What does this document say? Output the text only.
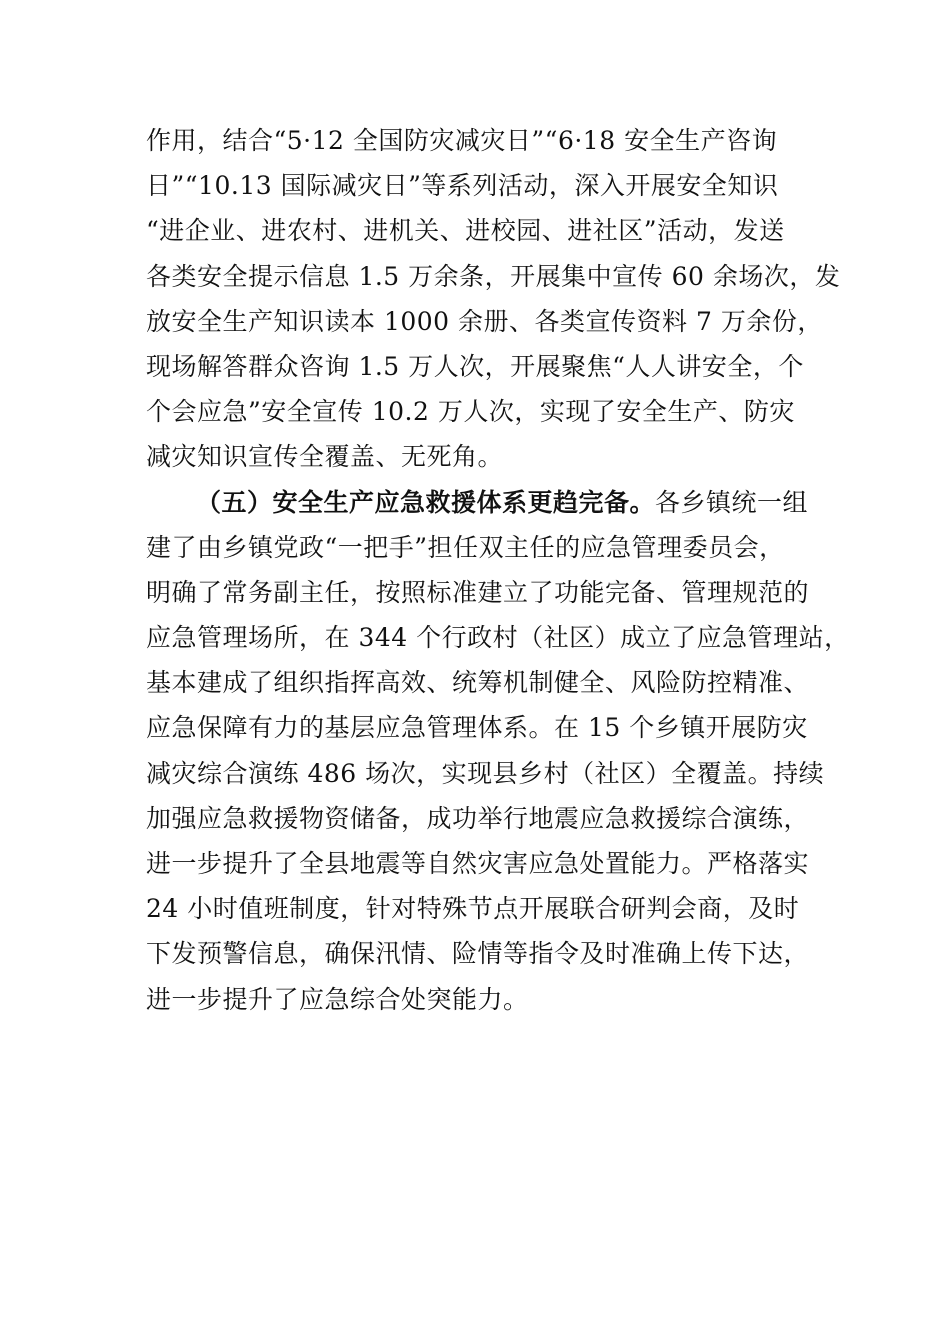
作用，结合“5·12 全国防灾减灾日”“6·18 安全生产咨询
日”“10.13 国际减灾日”等系列活动，深入开展安全知识
“进企业、进农村、进机关、进校园、进社区”活动，发送
各类安全提示信息 1.5 万余条，开展集中宣传 60 余场次，发
放安全生产知识读本 1000 余册、各类宣传资料 7 万余份，
现场解答群众咨询 1.5 万人次，开展聚焦“人人讲安全，个
个会应急”安全宣传 10.2 万人次，实现了安全生产、防灾
减灾知识宣传全覆盖、无死角。
（五）安全生产应急救援体系更趋完备。各乡镇统一组
建了由乡镇党政“一把手”担任双主任的应急管理委员会，
明确了常务副主任，按照标准建立了功能完备、管理规范的
应急管理场所，在 344 个行政村（社区）成立了应急管理站，
基本建成了组织指挥高效、统筹机制健全、风险防控精准、
应急保障有力的基层应急管理体系。在 15 个乡镇开展防灾
减灾综合演练 486 场次，实现县乡村（社区）全覆盖。持续
加强应急救援物资储备，成功举行地震应急救援综合演练，
进一步提升了全县地震等自然灾害应急处置能力。严格落实
24 小时值班制度，针对特殊节点开展联合研判会商，及时
下发预警信息，确保汛情、险情等指令及时准确上传下达，
进一步提升了应急综合处突能力。
